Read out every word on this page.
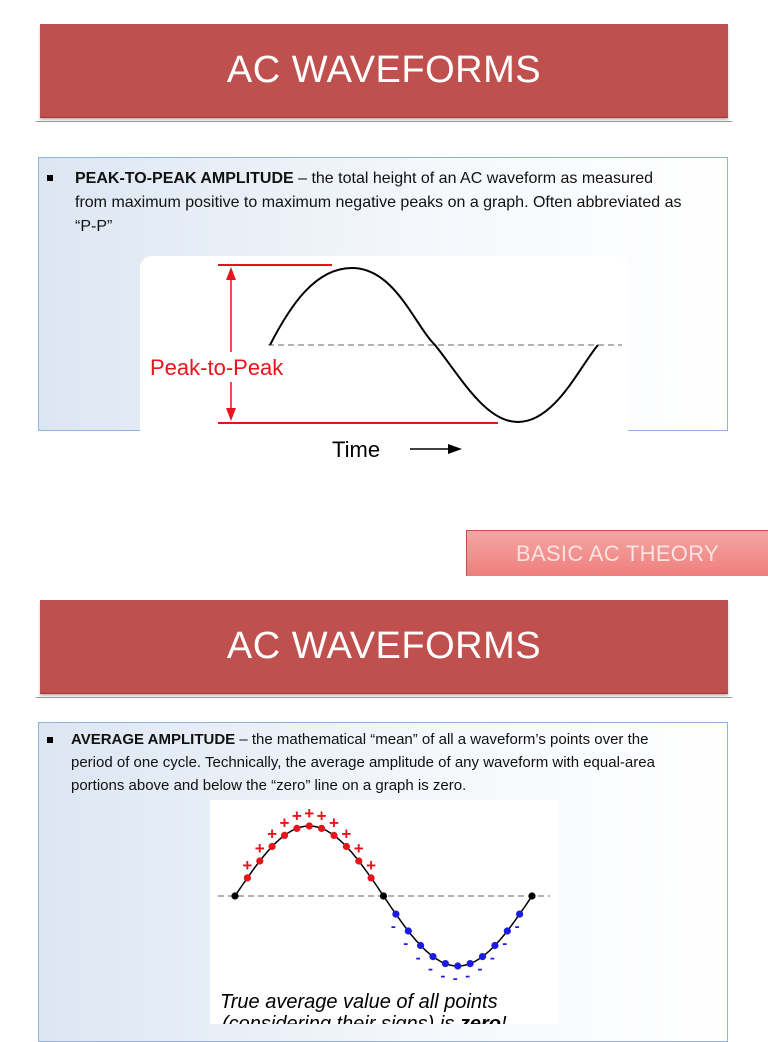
AC WAVEFORMS
PEAK-TO-PEAK AMPLITUDE – the total height of an AC waveform as measured from maximum positive to maximum negative peaks on a graph. Often abbreviated as “P-P”
Peak-to-Peak
Time
BASIC AC THEORY
AC WAVEFORMS
AVERAGE AMPLITUDE – the mathematical “mean” of all a waveform’s points over the period of one cycle. Technically, the average amplitude of any waveform with equal-area portions above and below the “zero” line on a graph is zero.
+
+
+
+ + + + +
+
+
+
-
-
-
- - - - -
-
-
-
True average value of all points
(considering their signs) is zero!
